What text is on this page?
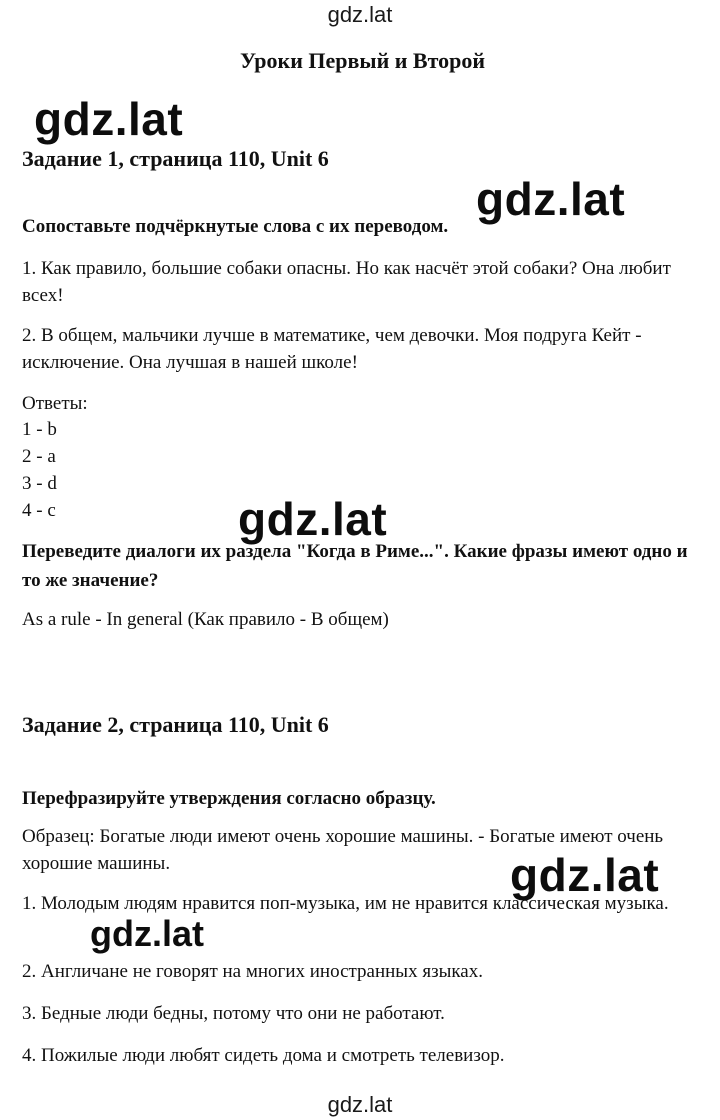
gdz.lat
Уроки Первый и Второй
Задание 1, страница 110, Unit 6
Сопоставьте подчёркнутые слова с их переводом.
1. Как правило, большие собаки опасны. Но как насчёт этой собаки? Она любит всех!
2. В общем, мальчики лучше в математике, чем девочки. Моя подруга Кейт - исключение. Она лучшая в нашей школе!
Ответы:
1 - b
2 - a
3 - d
4 - c
Переведите диалоги их раздела "Когда в Риме...". Какие фразы имеют одно и то же значение?
As a rule - In general (Как правило - В общем)
Задание 2, страница 110, Unit 6
Перефразируйте утверждения согласно образцу.
Образец: Богатые люди имеют очень хорошие машины. - Богатые имеют очень хорошие машины.
1. Молодым людям нравится поп-музыка, им не нравится классическая музыка.
2. Англичане не говорят на многих иностранных языках.
3. Бедные люди бедны, потому что они не работают.
4. Пожилые люди любят сидеть дома и смотреть телевизор.
gdz.lat
gdz.lat
gdz.lat
gdz.lat
gdz.lat
gdz.lat
